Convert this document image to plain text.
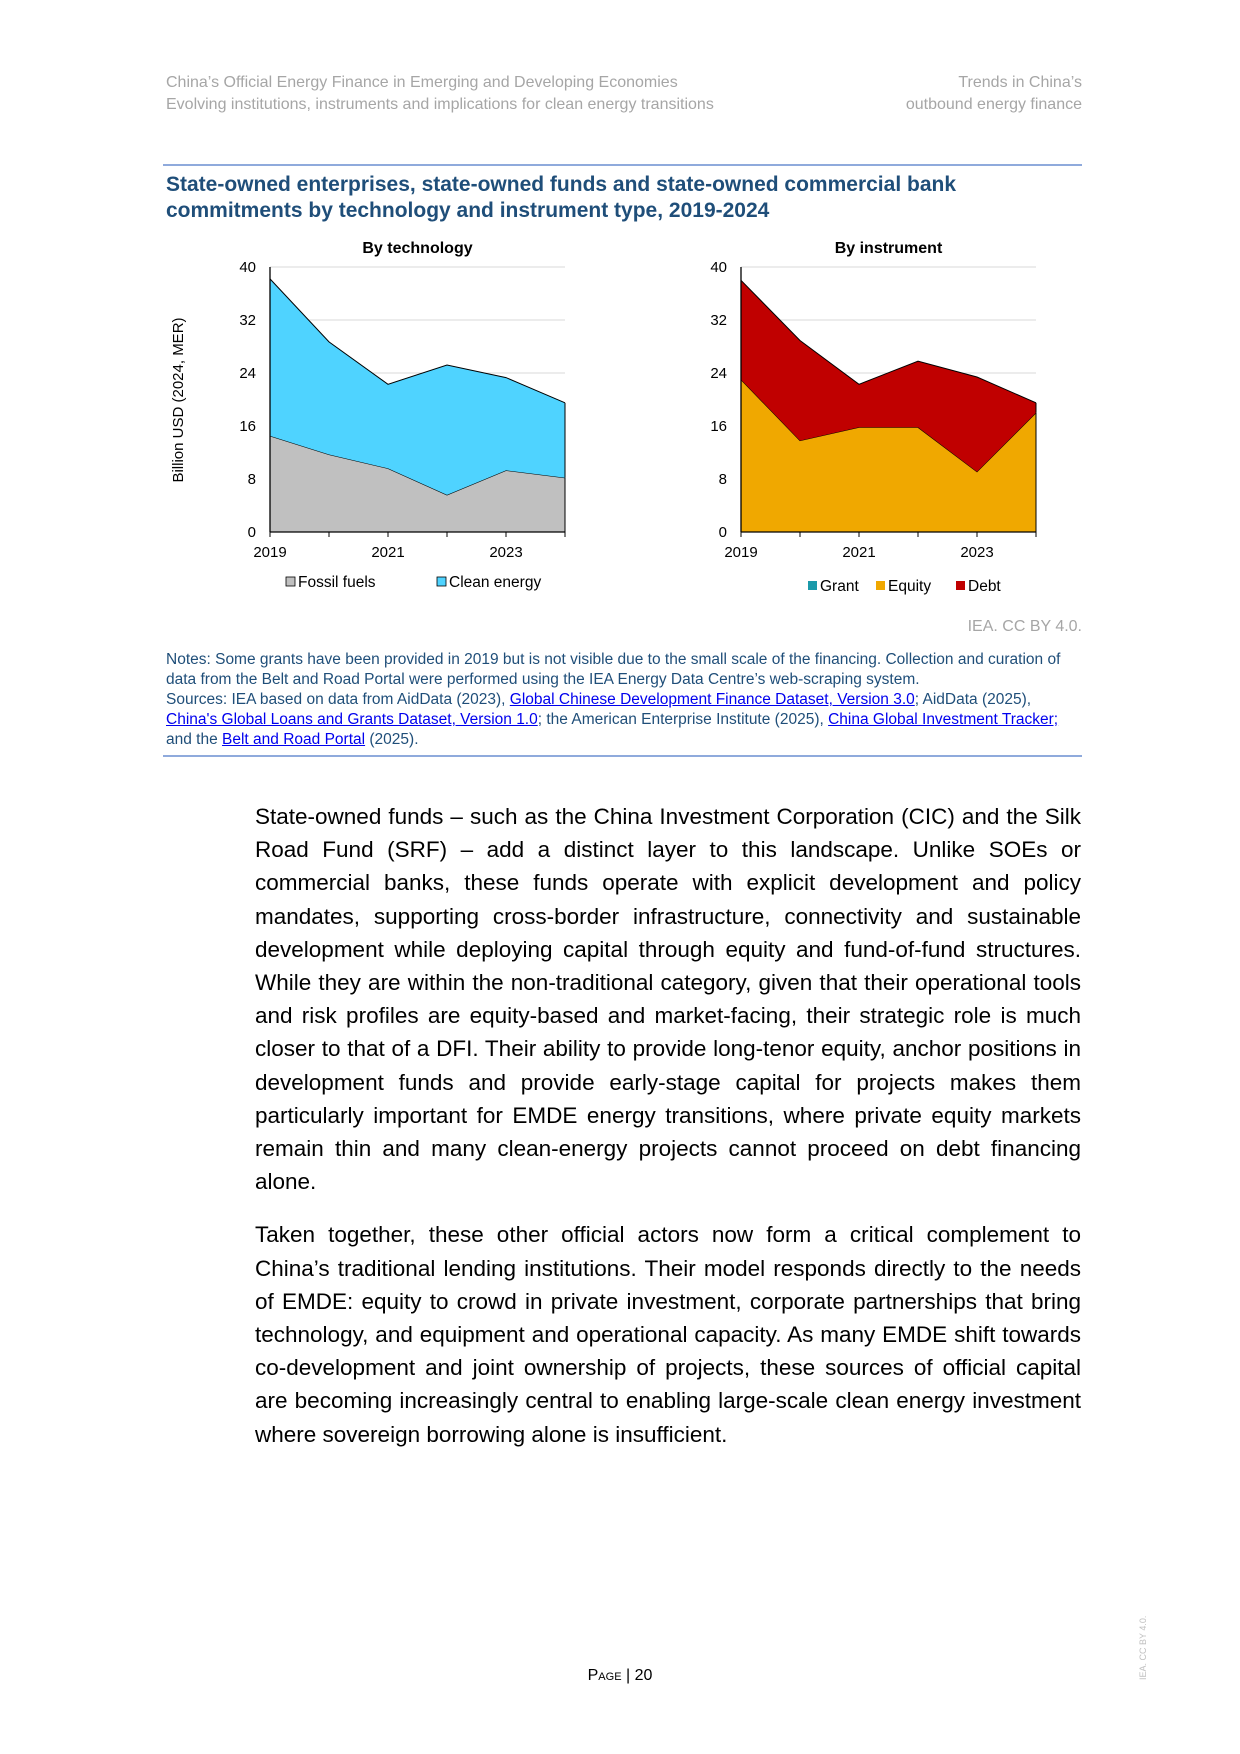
China’s Official Energy Finance in Emerging and Developing Economies
Evolving institutions, instruments and implications for clean energy transitions
Trends in China’s
outbound energy finance
State-owned enterprises, state-owned funds and state-owned commercial bank
commitments by technology and instrument type, 2019-2024
0
8
16
24
32
40
2019	2021	2023
By technology
Fossil fuels	Clean energy
0
8
16
24
32
40
2019	2021	2023
By instrument
Grant Equity Debt
Billion USD (2024, MER)
IEA. CC BY 4.0.

Notes: Some grants have been provided in 2019 but is not visible due to the small scale of the financing. Collection and curation of data from the Belt and Road Portal were performed using the IEA Energy Data Centre’s web-scraping system.

Sources: IEA based on data from AidData (2023), Global Chinese Development Finance Dataset, Version 3.0; AidData (2025), China's Global Loans and Grants Dataset, Version 1.0; the American Enterprise Institute (2025), China Global Investment Tracker; and the Belt and Road Portal (2025).

State-owned funds – such as the China Investment Corporation (CIC) and the Silk Road Fund (SRF) – add a distinct layer to this landscape. Unlike SOEs or commercial banks, these funds operate with explicit development and policy mandates, supporting cross-border infrastructure, connectivity and sustainable development while deploying capital through equity and fund-of-fund structures. While they are within the non-traditional category, given that their operational tools and risk profiles are equity-based and market-facing, their strategic role is much closer to that of a DFI. Their ability to provide long-tenor equity, anchor positions in development funds and provide early-stage capital for projects makes them particularly important for EMDE energy transitions, where private equity markets remain thin and many clean-energy projects cannot proceed on debt financing alone.

Taken together, these other official actors now form a critical complement to China’s traditional lending institutions. Their model responds directly to the needs of EMDE: equity to crowd in private investment, corporate partnerships that bring technology, and equipment and operational capacity. As many EMDE shift towards co-development and joint ownership of projects, these sources of official capital are becoming increasingly central to enabling large-scale clean energy investment where sovereign borrowing alone is insufficient.

Page | 20	IEA. CC BY 4.0.
